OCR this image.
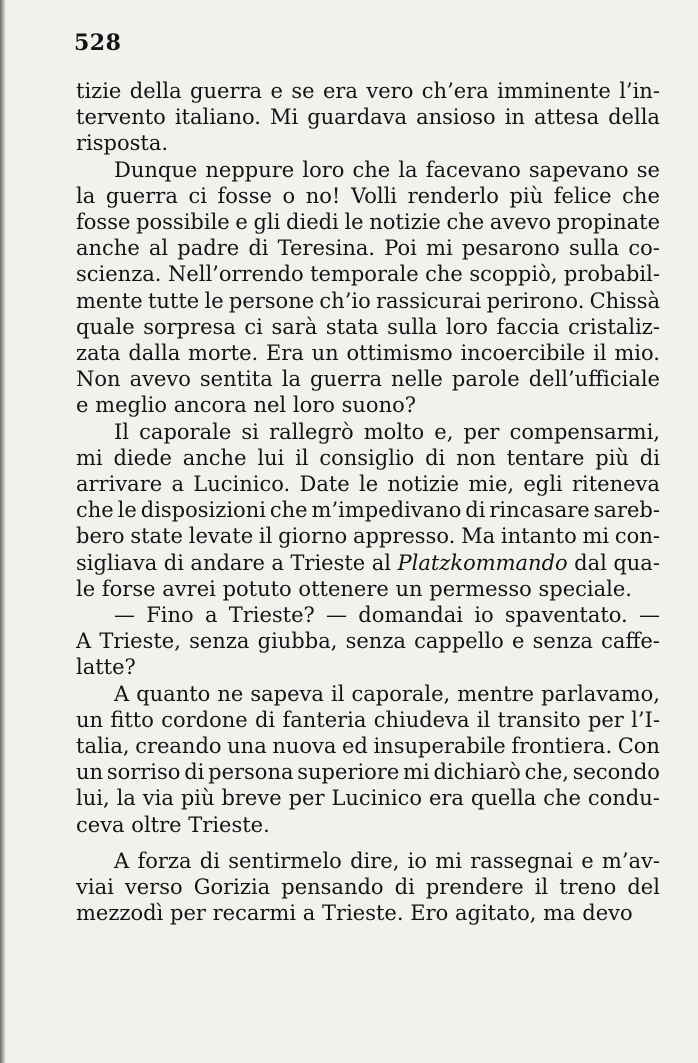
528
tizie della guerra e se era vero ch’era imminente l’in-
tervento italiano. Mi guardava ansioso in attesa della
risposta.
Dunque neppure loro che la facevano sapevano se
la guerra ci fosse o no! Volli renderlo più felice che
fosse possibile e gli diedi le notizie che avevo propinate
anche al padre di Teresina. Poi mi pesarono sulla co-
scienza. Nell’orrendo temporale che scoppiò, probabil-
mente tutte le persone ch’io rassicurai perirono. Chissà
quale sorpresa ci sarà stata sulla loro faccia cristaliz-
zata dalla morte. Era un ottimismo incoercibile il mio.
Non avevo sentita la guerra nelle parole dell’ufficiale
e meglio ancora nel loro suono?
Il caporale si rallegrò molto e, per compensarmi,
mi diede anche lui il consiglio di non tentare più di
arrivare a Lucinico. Date le notizie mie, egli riteneva
che le disposizioni che m’impedivano di rincasare sareb-
bero state levate il giorno appresso. Ma intanto mi con-
sigliava di andare a Trieste al Platzkommando dal qua-
le forse avrei potuto ottenere un permesso speciale.
— Fino a Trieste? — domandai io spaventato. —
A Trieste, senza giubba, senza cappello e senza caffe-
latte?
A quanto ne sapeva il caporale, mentre parlavamo,
un fitto cordone di fanteria chiudeva il transito per l’I-
talia, creando una nuova ed insuperabile frontiera. Con
un sorriso di persona superiore mi dichiarò che, secondo
lui, la via più breve per Lucinico era quella che condu-
ceva oltre Trieste.
A forza di sentirmelo dire, io mi rassegnai e m’av-
viai verso Gorizia pensando di prendere il treno del
mezzodì per recarmi a Trieste. Ero agitato, ma devo
